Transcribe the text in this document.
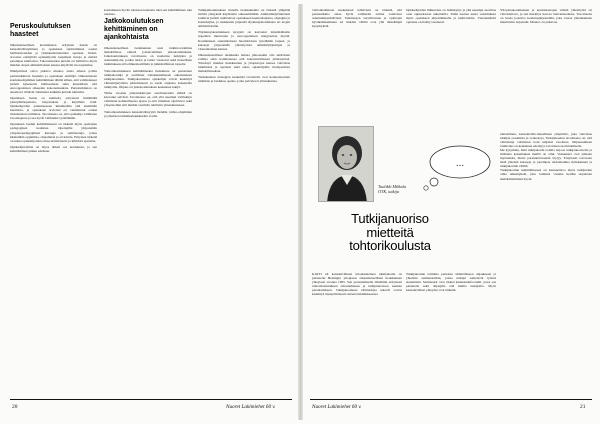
Peruskoulutuksen haasteet

Oikeustieteellisen koulutuksen erityinen haaste on kansainvälistyminen ja opetuksen sijoittuminen osaksi hallintotieteiden ja yhteiskuntatieteiden opetusta. Juristi-arvostus edellyttää opiskelijoilta laajempia tietoja ja entistä parempaa kielitaitoa. Tulevaisuuden juristin on hallittava myös muiden alojen ammattilaisten kanssa käytävää vuoropuhelua.

Näköpiirissä oleva jatkuva muutos antaa aiheen pohtia perustutkinnon laajuutta ja opetuksen sisältöjä. Oikeustieteen koulutusohjelmien kehittäminen tähtää siihen, että valmistuneet juristit kykenevät hallitsemaan sekä kansallisen että eurooppalaisen oikeuden kokonaisuuksia. Perustutkinnon on annettava riittävät valmiudet kaikkiin juristin tehtäviin.

Opetuksen laatua on kehitetty erityisesti lisäämällä pienryhmäopetusta, harjoituksia ja kirjallisia töitä. Opiskelijoiden palautteeseen kiinnitetään yhä enemmän huomiota, ja opetuksen arviointi on vakiintunut osaksi tiedekunnan toimintaa. Tavoitteena on, että opiskelija valmistuu tavoiteajassa ja saa hyvät valmiudet työelämään.

Opetuksen laadun kehittämisessä on tärkeää myös opettajien pedagoginen koulutus. Opettajille järjestetään yliopistopedagogiikan kursseja ja seminaareja, joissa käsitellään oppimista, ohjaamista ja arviointia. Erityisen tärkeää on tukea opiskelijoiden omaa aktiivisuutta ja kriittistä ajattelua.

Opiskelijavalinta on myös tärkeä osa koulutusta, ja sen kehittäminen jatkuu edelleen.

koulutuksen hyvän tuloksen kannalta eikä sen kehittäminen tule unohtaa.

Jatkokoulutuksen kehittäminen on ajankohtaista

Oikeustieteellisen tiedekunnan uusi tutkintovaatimus mahdollistaa entistä joustavamman jatkokoulutuksen. Jatkokoulutuksen tavoitteena on kouluttaa tutkijoita ja asiantuntijoita, joiden tiedot ja taidot vastaavat sekä tieteellisen tutkimuksen että elinkeinoelämän ja julkishallinnon tarpeita.

Tohtorikoulutuksen kehittämiseksi tiedekunta on perustanut tutkijakouluja ja osallistuu valtakunnalliseen oikeustieteen tutkijakouluun. Tutkijakouluissa opiskelijat voivat keskittyä väitöskirjatyöhön päätoimisesti ja saada ohjausta kokeneilta tutkijoilta. Ohjaus on jatkokoulutuksen keskeinen tekijä.

Viime vuosina jatkotutkintojen suorittaneiden määrä on kasvanut selvästi. Tavoitteena on, että yhä useampi väitöskirja valmistuu kohtuullisessa ajassa ja että väitelleet sijoittuvat sekä yliopistoihin että muihin vaativiin tehtäviin yhteiskunnassa.

Tohtorikoulutuksen kansainvälisyyttä lisätään vaihto-ohjelmien ja yhteisten tutkimushankkeiden avulla.

Tutkijankoulutuksen rinnalla tiedekunnalle on tärkeää ylläpitää tiiviitä yhteyksiä käytännön oikeuselämään. Ammattikäytännöissä toimivat juristit osallistuvat opetukseen luennoitsijoina, ohjaajina ja kouluttajina, ja tiedekunta järjestää täydennyskoulutusta eri alojen ammattilaisille.

Täydennyskoulutuksen kysyntä on kasvanut lainsäädännön nopeiden muutosten ja eurooppalaisen integraation myötä. Koulutuksen suunnittelussa huomioidaan työelämän tarpeet, ja kursseja järjestetään yhteistyössä ammattijärjestöjen ja viranomaisten kanssa.

Oikeustieteellinen tiedekunta haluaa jatkossakin olla aktiivinen toimija sekä kotimaisessa että kansainvälisessä yhteistyössä. Yhteistyö muiden tiedekuntien ja yliopistojen kanssa vahvistaa tutkimusta ja opetusta sekä antaa opiskelijoille monipuolisia mahdollisuuksia.

Tiedekunnan strategian keskeisiä tavoitteita ovat korkeatasoinen tutkimus ja laadukas opetus, jotka palvelevat yhteiskuntaa.

20	Nuoret Lakimiehet 60 v.

valtionhallinnon keskeisissä tehtävissä on tärkeää, että perustutkinto antaa hyvät valmiudet toimia vaativissa asiantuntijatehtävissä. Tutkintojen vertailtavuus ja opintojen hyväksilukeminen eri maiden välillä ovat yhä tärkeämpiä kysymyksiä.

Opiskelijoiden liikkuvuus on lisääntynyt ja yhä useampi suorittaa osan opinnoistaan ulkomailla. Tämä asettaa uusia vaatimuksia myös opetuksen järjestämiselle ja kielitaidolle. Vieraskielistä opetusta on lisätty tasaisesti.

Yliopistokoulutuksen ja koulutusalojen välistä yhteistyötä on vahvistettava, ja sen merkitys kasvaa tulevaisuudessa. Tavoitteena on luoda joustava koulutusjärjestelmä, joka vastaa yhteiskunnan muuttuviin tarpeisiin. Muutos on jatkuvaa.

...
Tuulikki Mikkola
OTK, tutkija
Tutkijanuoriso mietteitä tohtorikoulusta

KATTI eli kansainvälinen tuloskeskeinen tutkijakoulu on perustettu Helsingin yliopiston oikeustieteellisen tiedekunnan yhteyteen vuonna 1995. Sen perustamisella tähdättiin erityisesti tohtorikoulutuksen tehostamiseen ja tutkijanuorison aseman parantamiseen. Tutkijakoulussa väitöskirjaa tekevät voivat keskittyä täysipäiväisesti omaan tutkimukseensa.

Tutkijakoulun toiminta perustuu säännölliseen ohjaukseen ja yhteisiin seminaareihin, joissa tutkijat esittelevät työnsä etenemistä. Seminaarit ovat tärkeä keskustelufoorumi, jossa saa palautetta sekä ohjaajilta että muilta tutkijoilta. Myös kansainväliset yhteydet ovat tärkeitä.

tamaattinen, kansainvälis-tieteellinen ympäristö, joka vahvistaa tutkijan osaamista ja verkostoja. Tutkijakoulun tavoitteena on, että väitöskirja valmistuu noin neljässä vuodessa. Ohjaussuhteen toimivuus on keskeinen edellytys tavoitteen saavuttamiselle.
Me kysymme, mitä tutkijakoulu todella tarjoaa tutkijanuorisolle ja millaisia kokemuksia meillä on ollut. Vastaukset ovat pääosin myönteisiä, mutta parannettavaakin löytyy. Erityisesti toivotaan lisää yhteisiä kursseja ja parempaa tiedonkulkua tiedekunnan ja tutkijakoulun välillä.
Tutkijakoulun kehittämisessä on kuunneltava myös tutkijoiden omia näkemyksiä, jotta toiminta vastaisi heidän tarpeitaan mahdollisimman hyvin.

Nuoret Lakimiehet 60 v.	21
